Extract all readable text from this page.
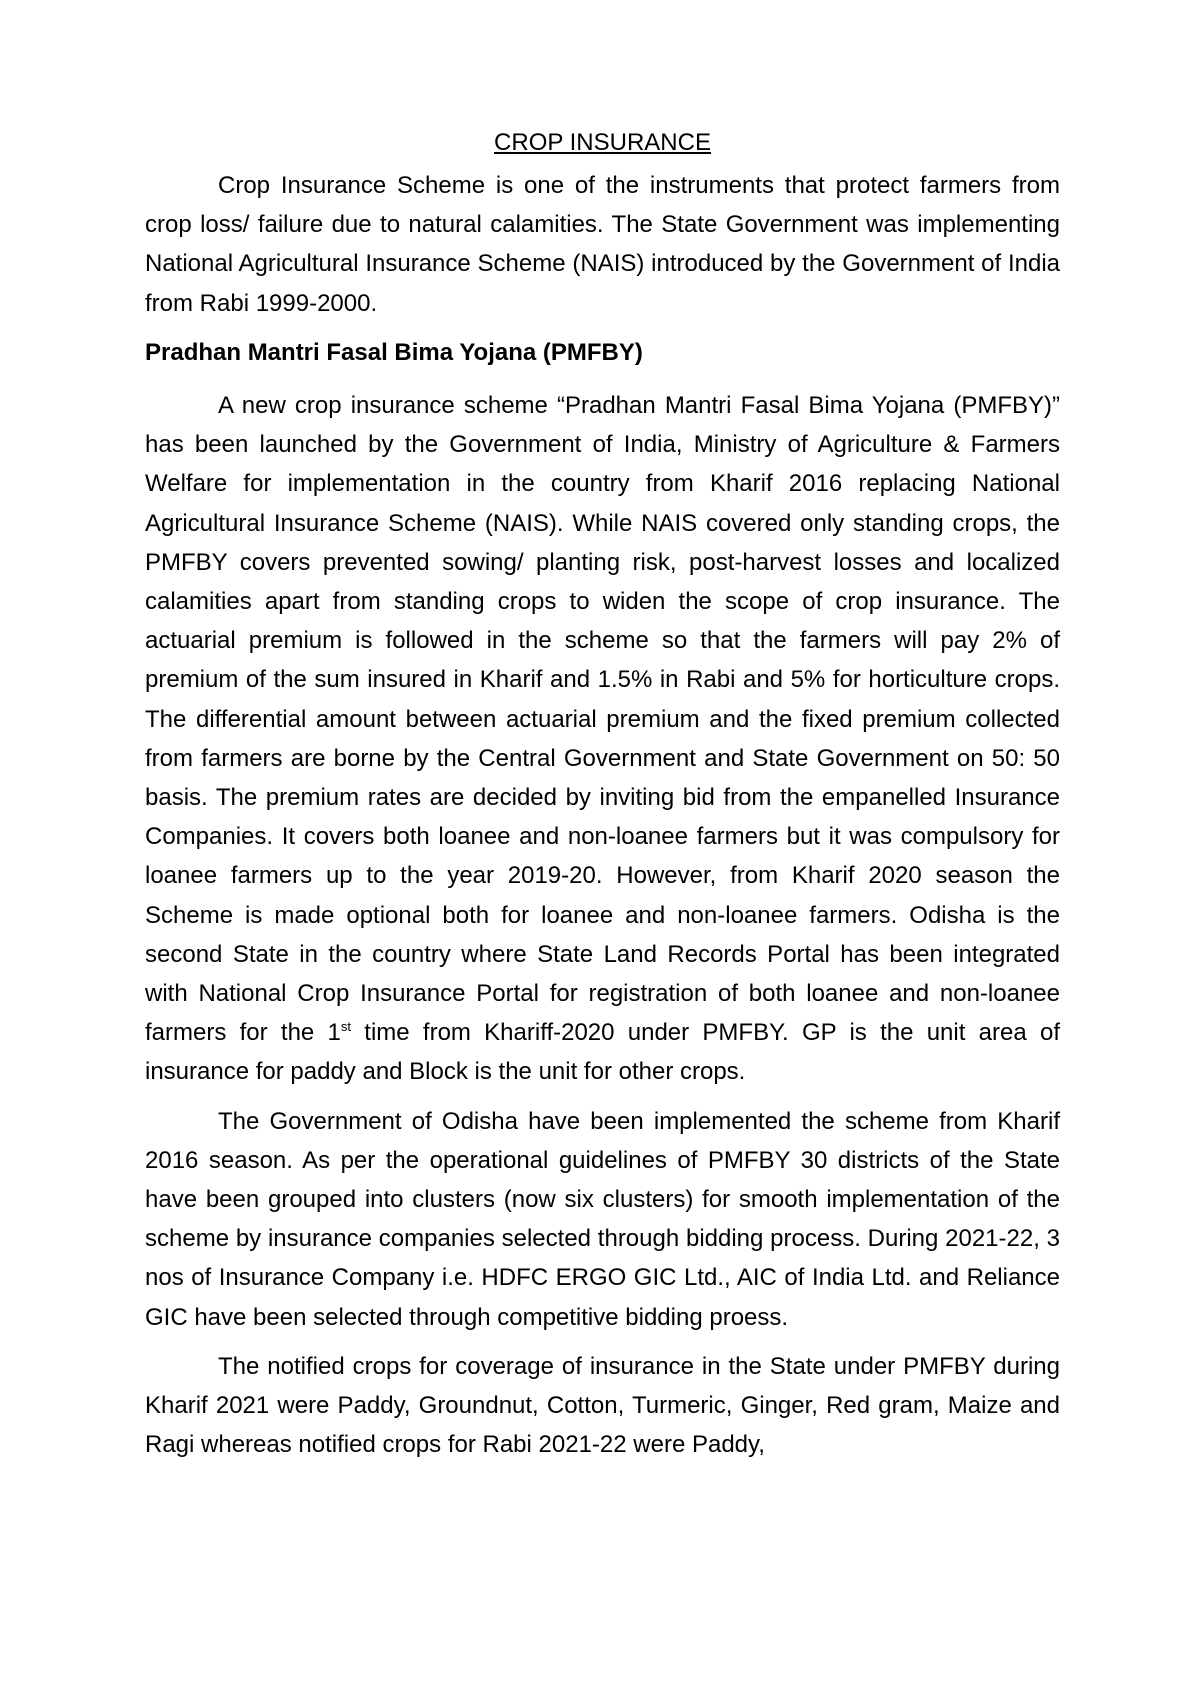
CROP INSURANCE

Crop Insurance Scheme is one of the instruments that protect farmers from crop loss/ failure due to natural calamities. The State Government was implementing National Agricultural Insurance Scheme (NAIS) introduced by the Government of India from Rabi 1999-2000.

Pradhan Mantri Fasal Bima Yojana (PMFBY)

A new crop insurance scheme “Pradhan Mantri Fasal Bima Yojana (PMFBY)” has been launched by the Government of India, Ministry of Agriculture & Farmers Welfare for implementation in the country from Kharif 2016 replacing National Agricultural Insurance Scheme (NAIS). While NAIS covered only standing crops, the PMFBY covers prevented sowing/ planting risk, post-harvest losses and localized calamities apart from standing crops to widen the scope of crop insurance. The actuarial premium is followed in the scheme so that the farmers will pay 2% of premium of the sum insured in Kharif and 1.5% in Rabi and 5% for horticulture crops. The differential amount between actuarial premium and the fixed premium collected from farmers are borne by the Central Government and State Government on 50: 50 basis. The premium rates are decided by inviting bid from the empanelled Insurance Companies. It covers both loanee and non-loanee farmers but it was compulsory for loanee farmers up to the year 2019-20. However, from Kharif 2020 season the Scheme is made optional both for loanee and non-loanee farmers. Odisha is the second State in the country where State Land Records Portal has been integrated with National Crop Insurance Portal for registration of both loanee and non-loanee farmers for the 1st time from Khariff-2020 under PMFBY. GP is the unit area of insurance for paddy and Block is the unit for other crops.

The Government of Odisha have been implemented the scheme from Kharif 2016 season. As per the operational guidelines of PMFBY 30 districts of the State have been grouped into clusters (now six clusters) for smooth implementation of the scheme by insurance companies selected through bidding process. During 2021-22, 3 nos of Insurance Company i.e. HDFC ERGO GIC Ltd., AIC of India Ltd. and Reliance GIC have been selected through competitive bidding proess.

The notified crops for coverage of insurance in the State under PMFBY during Kharif 2021 were Paddy, Groundnut, Cotton, Turmeric, Ginger, Red gram, Maize and Ragi whereas notified crops for Rabi 2021-22 were Paddy,
